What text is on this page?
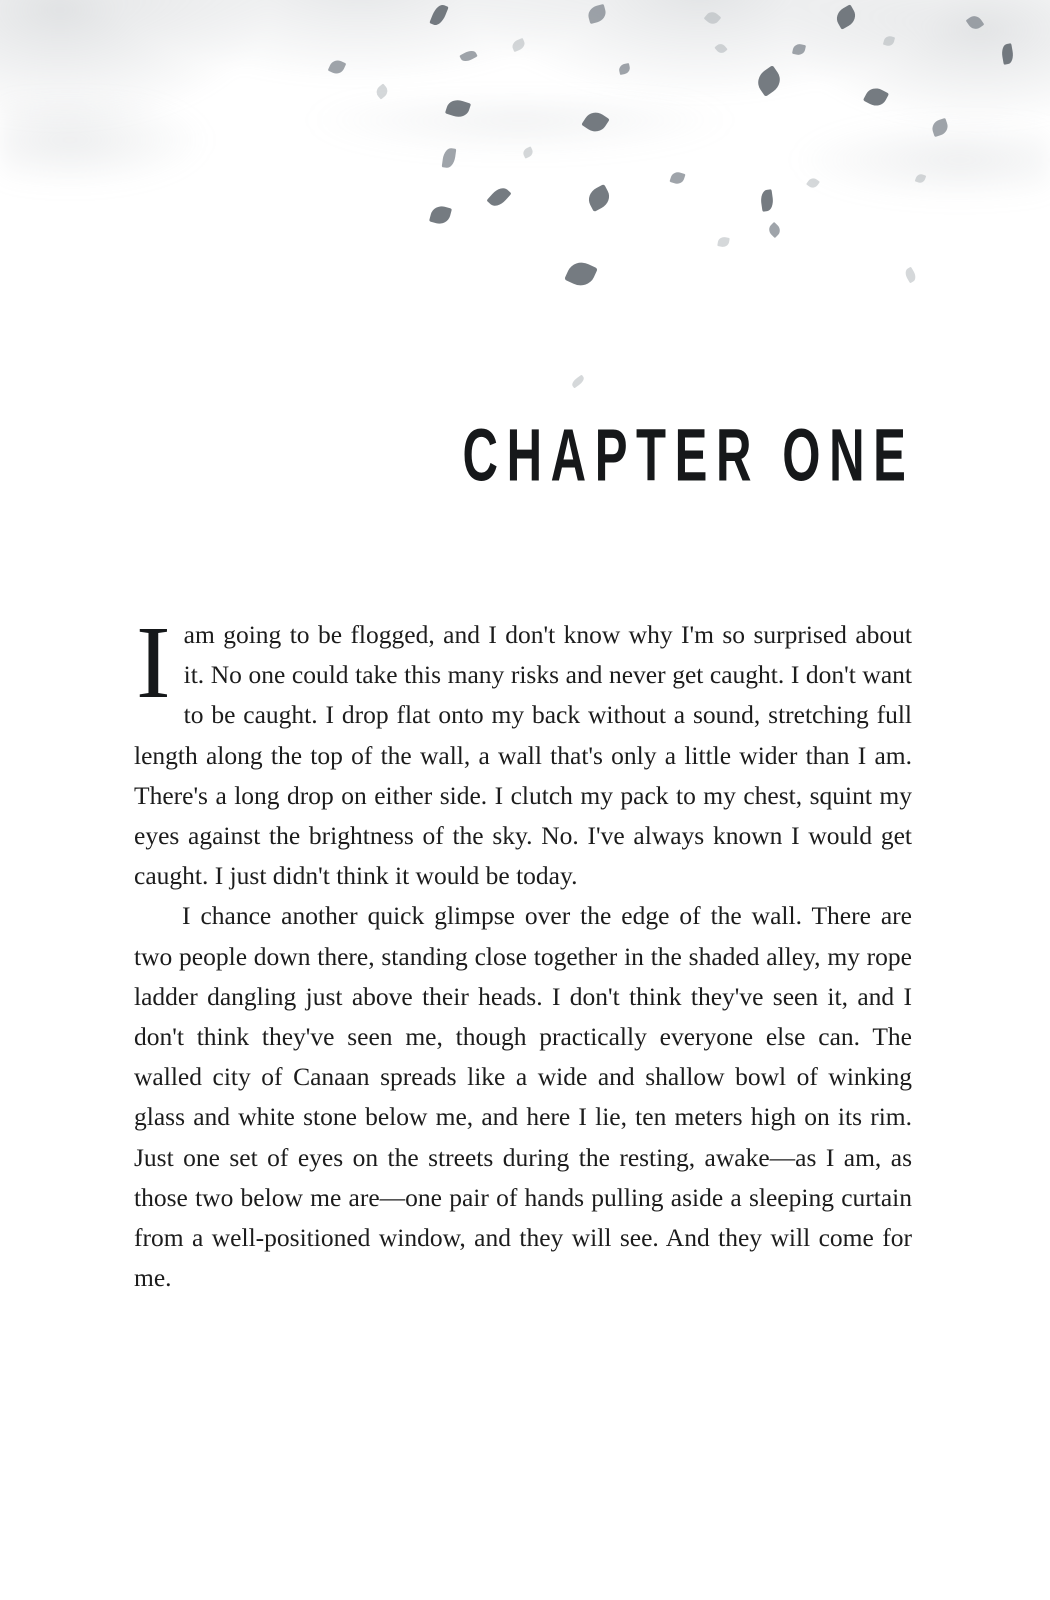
CHAPTER ONE

Iam going to be flogged, and I don't know why I'm so surprised about it. No one could take this many risks and never get caught. I don't want to be caught. I drop flat onto my back without a sound, stretching full length along the top of the wall, a wall that's only a little wider than I am. There's a long drop on either side. I clutch my pack to my chest, squint my eyes against the brightness of the sky. No. I've always known I would get caught. I just didn't think it would be today.

I chance another quick glimpse over the edge of the wall. There are two people down there, standing close together in the shaded alley, my rope ladder dangling just above their heads. I don't think they've seen it, and I don't think they've seen me, though practically everyone else can. The walled city of Canaan spreads like a wide and shallow bowl of winking glass and white stone below me, and here I lie, ten meters high on its rim. Just one set of eyes on the streets during the resting, awake—as I am, as those two below me are—one pair of hands pulling aside a sleeping curtain from a well-positioned window, and they will see. And they will come for me.
